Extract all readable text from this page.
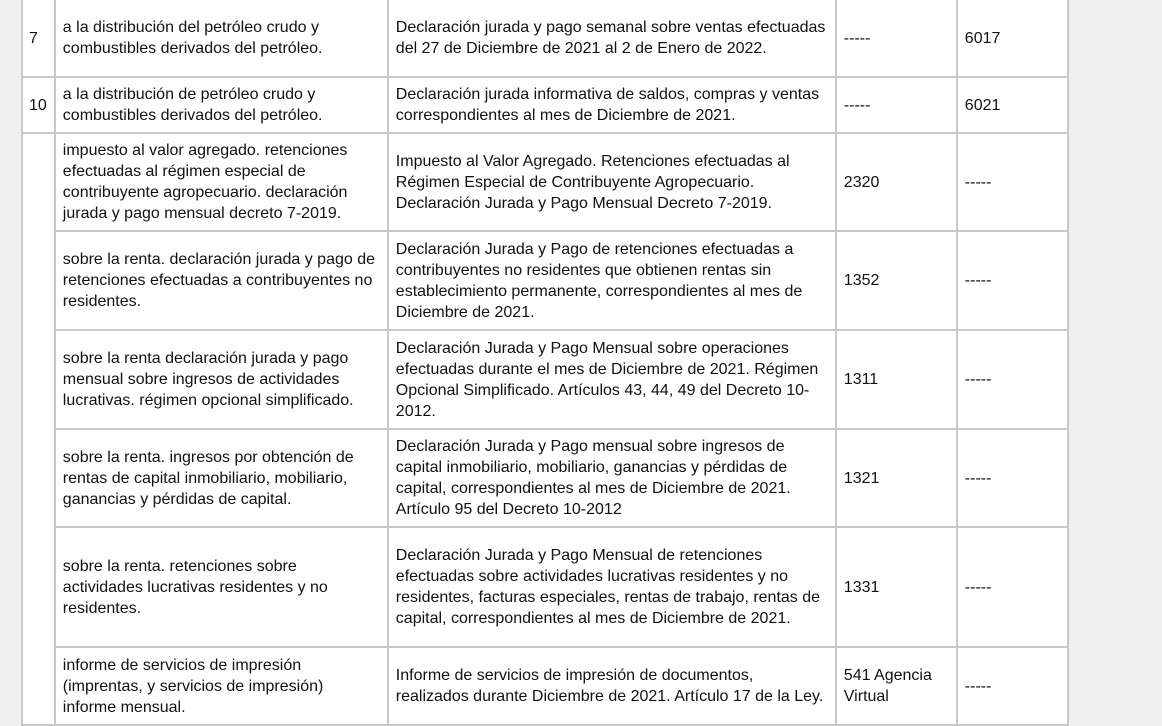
7	a la distribución del petróleo crudo y combustibles derivados del petróleo.	Declaración jurada y pago semanal sobre ventas efectuadas del 27 de Diciembre de 2021 al 2 de Enero de 2022.	-----	6017
10	a la distribución de petróleo crudo y combustibles derivados del petróleo.	Declaración jurada informativa de saldos, compras y ventas correspondientes al mes de Diciembre de 2021.	-----	6021
	impuesto al valor agregado. retenciones efectuadas al régimen especial de contribuyente agropecuario. declaración jurada y pago mensual decreto 7-2019.	Impuesto al Valor Agregado. Retenciones efectuadas al Régimen Especial de Contribuyente Agropecuario. Declaración Jurada y Pago Mensual Decreto 7-2019.	2320	-----
	sobre la renta. declaración jurada y pago de retenciones efectuadas a contribuyentes no residentes.	Declaración Jurada y Pago de retenciones efectuadas a contribuyentes no residentes que obtienen rentas sin establecimiento permanente, correspondientes al mes de Diciembre de 2021.	1352	-----
	sobre la renta declaración jurada y pago mensual sobre ingresos de actividades lucrativas. régimen opcional simplificado.	Declaración Jurada y Pago Mensual sobre operaciones efectuadas durante el mes de Diciembre de 2021. Régimen Opcional Simplificado. Artículos 43, 44, 49 del Decreto 10-2012.	1311	-----
	sobre la renta. ingresos por obtención de rentas de capital inmobiliario, mobiliario, ganancias y pérdidas de capital.	Declaración Jurada y Pago mensual sobre ingresos de capital inmobiliario, mobiliario, ganancias y pérdidas de capital, correspondientes al mes de Diciembre de 2021. Artículo 95 del Decreto 10-2012	1321	-----
	sobre la renta. retenciones sobre actividades lucrativas residentes y no residentes.	Declaración Jurada y Pago Mensual de retenciones efectuadas sobre actividades lucrativas residentes y no residentes, facturas especiales, rentas de trabajo, rentas de capital, correspondientes al mes de Diciembre de 2021.	1331	-----
	informe de servicios de impresión (imprentas, y servicios de impresión) informe mensual.	Informe de servicios de impresión de documentos, realizados durante Diciembre de 2021. Artículo 17 de la Ley.	541 Agencia Virtual	-----
